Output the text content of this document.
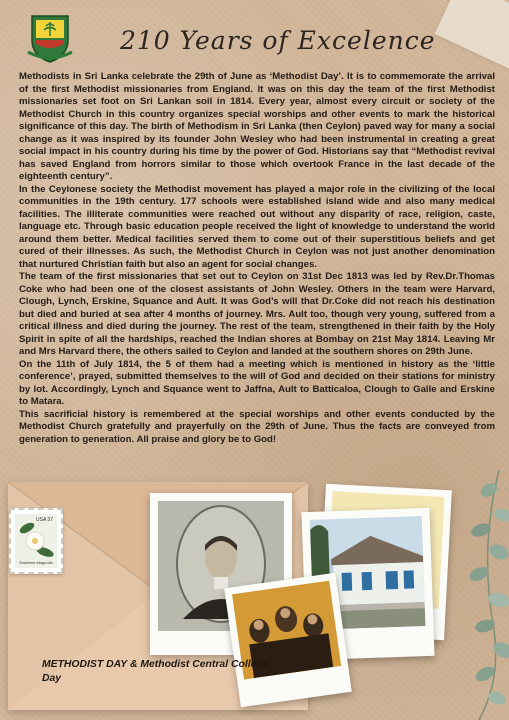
210 Years of Excelence

Methodists in Sri Lanka celebrate the 29th of June as ‘Methodist Day’. It is to commemorate the arrival of the first Methodist missionaries from England. It was on this day the team of the first Methodist missionaries set foot on Sri Lankan soil in 1814. Every year, almost every circuit or society of the Methodist Church in this country organizes special worships and other events to mark the historical significance of this day. The birth of Methodism in Sri Lanka (then Ceylon) paved way for many a social change as it was inspired by its founder John Wesley who had been instrumental in creating a great social impact in his country during his time by the power of God. Historians say that “Methodist revival has saved England from horrors similar to those which overtook France in the last decade of the eighteenth century”.

In the Ceylonese society the Methodist movement has played a major role in the civilizing of the local communities in the 19th century. 177 schools were established island wide and also many medical facilities. The illiterate communities were reached out without any disparity of race, religion, caste, language etc. Through basic education people received the light of knowledge to understand the world around them better. Medical facilities served them to come out of their superstitious beliefs and get cured of their illnesses. As such, the Methodist Church in Ceylon was not just another denomination that nurtured Christian faith but also an agent for social changes.

The team of the first missionaries that set out to Ceylon on 31st Dec 1813 was led by Rev.Dr.Thomas Coke who had been one of the closest assistants of John Wesley. Others in the team were Harvard, Clough, Lynch, Erskine, Squance and Ault. It was God’s will that Dr.Coke did not reach his destination but died and buried at sea after 4 months of journey. Mrs. Ault too, though very young, suffered from a critical illness and died during the journey. The rest of the team, strengthened in their faith by the Holy Spirit in spite of all the hardships, reached the Indian shores at Bombay on 21st May 1814. Leaving Mr and Mrs Harvard there, the others sailed to Ceylon and landed at the southern shores on 29th June.

On the 11th of July 1814, the 5 of them had a meeting which is mentioned in history as the ‘little conference’, prayed, submitted themselves to the will of God and decided on their stations for ministry by lot. Accordingly, Lynch and Squance went to Jaffna, Ault to Batticaloa, Clough to Galle and Erskine to Matara.

This sacrificial history is remembered at the special worships and other events conducted by the Methodist Church gratefully and prayerfully on the 29th of June. Thus the facts are conveyed from generation to generation. All praise and glory be to God!

USA 37
Southern Magnolia
METHODIST DAY & Methodist Central College Day
